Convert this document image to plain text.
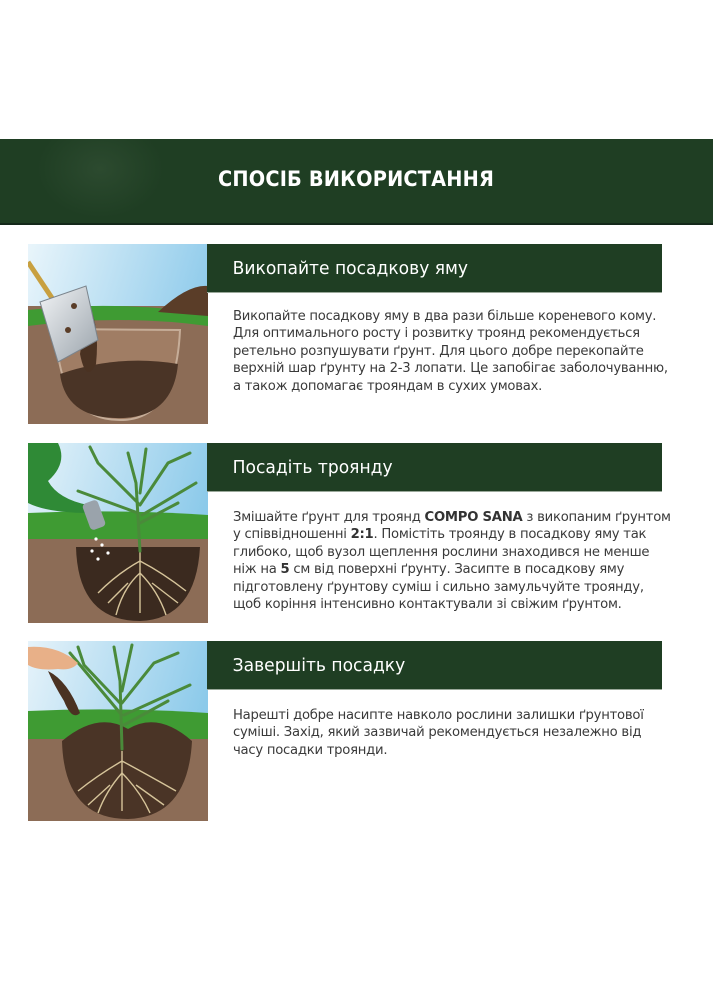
СПОСІБ ВИКОРИСТАННЯ
Викопайте посадкову яму

Викопайте посадкову яму в два рази більше кореневого кому.

Для оптимального росту і розвитку троянд рекомендується

ретельно розпушувати ґрунт. Для цього добре перекопайте

верхній шар ґрунту на 2-3 лопати. Це запобігає заболочуванню,

а також допомагає трояндам в сухих умовах.

Посадіть троянду

Змішайте ґрунт для троянд COMPO SANA з викопаним ґрунтом

у співвідношенні 2:1. Помістіть троянду в посадкову яму так

глибоко, щоб вузол щеплення рослини знаходився не менше

ніж на 5 см від поверхні ґрунту. Засипте в посадкову яму

підготовлену ґрунтову суміш і сильно замульчуйте троянду,

щоб коріння інтенсивно контактували зі свіжим ґрунтом.

Завершіть посадку

Нарешті добре насипте навколо рослини залишки ґрунтової

суміші. Захід, який зазвичай рекомендується незалежно від

часу посадки троянди.
